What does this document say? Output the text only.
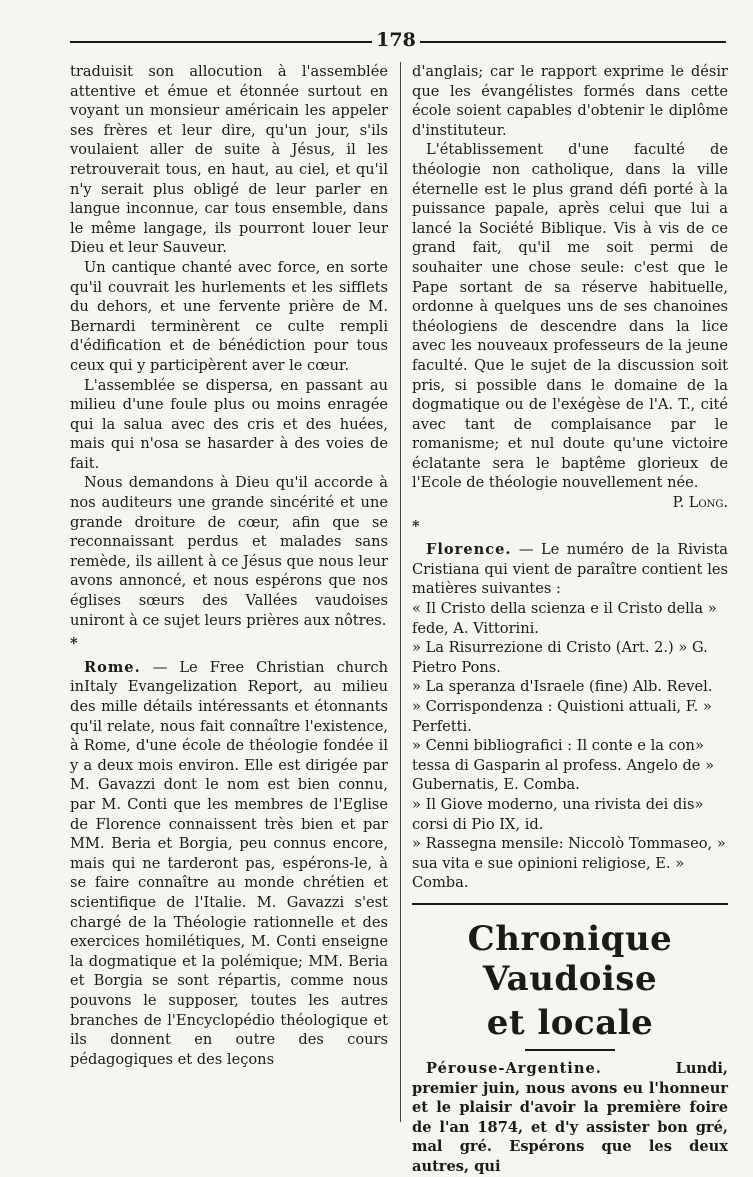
178

traduisit son allocution à l'assemblée attentive et émue et étonnée surtout en voyant un monsieur américain les appeler ses frères et leur dire, qu'un jour, s'ils voulaient aller de suite à Jésus, il les retrouverait tous, en haut, au ciel, et qu'il n'y serait plus obligé de leur parler en langue inconnue, car tous ensemble, dans le même langage, ils pourront louer leur Dieu et leur Sauveur.

Un cantique chanté avec force, en sorte qu'il couvrait les hurlements et les sifflets du dehors, et une fervente prière de M. Bernardi terminèrent ce culte rempli d'édification et de bénédiction pour tous ceux qui y participèrent aver le cœur.

L'assemblée se dispersa, en passant au milieu d'une foule plus ou moins enragée qui la salua avec des cris et des huées, mais qui n'osa se hasarder à des voies de fait.

Nous demandons à Dieu qu'il accorde à nos auditeurs une grande sincérité et une grande droiture de cœur, afin que se reconnaissant perdus et malades sans remède, ils aillent à ce Jésus que nous leur avons annoncé, et nous espérons que nos églises sœurs des Vallées vaudoises uniront à ce sujet leurs prières aux nôtres.

*

Rome. — Le Free Christian church inItaly Evangelization Report, au milieu des mille détails intéressants et étonnants qu'il relate, nous fait connaître l'existence, à Rome, d'une école de théologie fondée il y a deux mois environ. Elle est dirigée par M. Gavazzi dont le nom est bien connu, par M. Conti que les membres de l'Eglise de Florence connaissent très bien et par MM. Beria et Borgia, peu connus encore, mais qui ne tarderont pas, espérons-le, à se faire connaître au monde chrétien et scientifique de l'Italie. M. Gavazzi s'est chargé de la Théologie rationnelle et des exercices homilétiques, M. Conti enseigne la dogmatique et la polémique; MM. Beria et Borgia se sont répartis, comme nous pouvons le supposer, toutes les autres branches de l'Encyclopédio théologique et ils donnent en outre des cours pédagogiques et des leçons

d'anglais; car le rapport exprime le désir que les évangélistes formés dans cette école soient capables d'obtenir le diplôme d'instituteur.

L'établissement d'une faculté de théologie non catholique, dans la ville éternelle est le plus grand défi porté à la puissance papale, après celui que lui a lancé la Société Biblique. Vis à vis de ce grand fait, qu'il me soit permi de souhaiter une chose seule: c'est que le Pape sortant de sa réserve habituelle, ordonne à quelques uns de ses chanoines théologiens de descendre dans la lice avec les nouveaux professeurs de la jeune faculté. Que le sujet de la discussion soit pris, si possible dans le domaine de la dogmatique ou de l'exégèse de l'A. T., cité avec tant de complaisance par le romanisme; et nul doute qu'une victoire éclatante sera le baptême glorieux de l'Ecole de théologie nouvellement née.

P. Long.

*

Florence. — Le numéro de la Rivista Cristiana qui vient de paraître contient les matières suivantes :

« Il Cristo della scienza e il Cristo della » fede, A. Vittorini.

» La Risurrezione di Cristo (Art. 2.) » G. Pietro Pons.

» La speranza d'Israele (fine) Alb. Revel.

» Corrispondenza : Quistioni attuali, F. » Perfetti.

» Cenni bibliografici : Il conte e la con» tessa di Gasparin al profess. Angelo de » Gubernatis, E. Comba.

» Il Giove moderno, una rivista dei dis» corsi di Pio IX, id.

» Rassegna mensile: Niccolò Tommaseo, » sua vita e sue opinioni religiose, E. » Comba.

Chronique Vaudoise
et locale

Pérouse-Argentine. Lundi, premier juin, nous avons eu l'honneur et le plaisir d'avoir la première foire de l'an 1874, et d'y assister bon gré, mal gré. Espérons que les deux autres, qui
